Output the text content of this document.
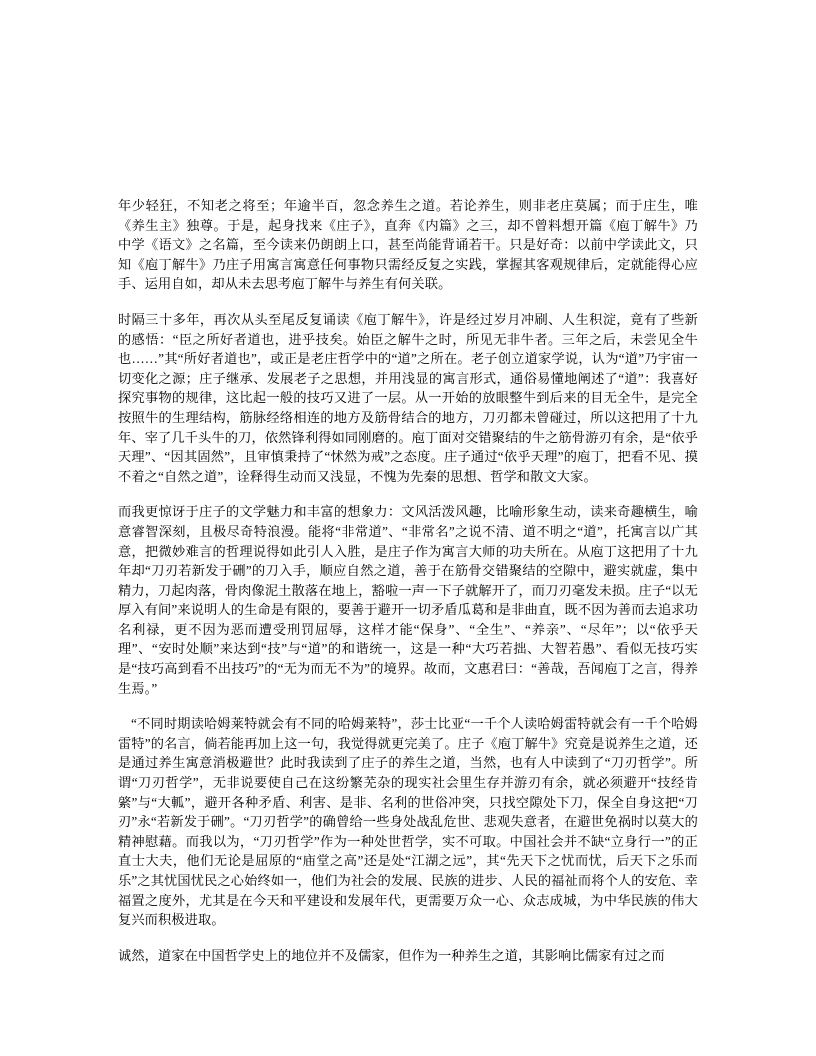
年少轻狂，不知老之将至；年逾半百，忽念养生之道。若论养生，则非老庄莫属；而于庄生，唯《养生主》独尊。于是，起身找来《庄子》，直奔《内篇》之三，却不曾料想开篇《庖丁解牛》乃中学《语文》之名篇，至今读来仍朗朗上口，甚至尚能背诵若干。只是好奇：以前中学读此文，只知《庖丁解牛》乃庄子用寓言寓意任何事物只需经反复之实践，掌握其客观规律后，定就能得心应手、运用自如，却从未去思考庖丁解牛与养生有何关联。

时隔三十多年，再次从头至尾反复诵读《庖丁解牛》，许是经过岁月冲刷、人生积淀，竟有了些新的感悟：“臣之所好者道也，进乎技矣。始臣之解牛之时，所见无非牛者。三年之后，未尝见全牛也……”其“所好者道也”，或正是老庄哲学中的“道”之所在。老子创立道家学说，认为“道”乃宇宙一切变化之源；庄子继承、发展老子之思想，并用浅显的寓言形式，通俗易懂地阐述了“道”：我喜好探究事物的规律，这比起一般的技巧又进了一层。从一开始的放眼整牛到后来的目无全牛，是完全按照牛的生理结构，筋脉经络相连的地方及筋骨结合的地方，刀刃都未曾碰过，所以这把用了十九年、宰了几千头牛的刀，依然锋利得如同刚磨的。庖丁面对交错聚结的牛之筋骨游刃有余，是“依乎天理”、“因其固然”，且审慎秉持了“怵然为戒”之态度。庄子通过“依乎天理”的庖丁，把看不见、摸不着之“自然之道”，诠释得生动而又浅显，不愧为先秦的思想、哲学和散文大家。

而我更惊讶于庄子的文学魅力和丰富的想象力：文风活泼风趣，比喻形象生动，读来奇趣横生，喻意睿智深刻，且极尽奇特浪漫。能将“非常道”、“非常名”之说不清、道不明之“道”，托寓言以广其意，把微妙难言的哲理说得如此引人入胜，是庄子作为寓言大师的功夫所在。从庖丁这把用了十九年却“刀刃若新发于硎”的刀入手，顺应自然之道，善于在筋骨交错聚结的空隙中，避实就虚，集中精力，刀起肉落，骨肉像泥土散落在地上，豁啦一声一下子就解开了，而刀刃毫发未损。庄子“以无厚入有间”来说明人的生命是有限的，要善于避开一切矛盾瓜葛和是非曲直，既不因为善而去追求功名利禄，更不因为恶而遭受刑罚屈辱，这样才能“保身”、“全生”、“养亲”、“尽年”；以“依乎天理”、“安时处顺”来达到“技”与“道”的和谐统一，这是一种“大巧若拙、大智若愚”、看似无技巧实是“技巧高到看不出技巧”的“无为而无不为”的境界。故而，文惠君曰：“善哉，吾闻庖丁之言，得养生焉。”

“不同时期读哈姆莱特就会有不同的哈姆莱特”，莎士比亚“一千个人读哈姆雷特就会有一千个哈姆雷特”的名言，倘若能再加上这一句，我觉得就更完美了。庄子《庖丁解牛》究竟是说养生之道，还是通过养生寓意消极避世？此时我读到了庄子的养生之道，当然，也有人中读到了“刀刃哲学”。所谓“刀刃哲学”，无非说要使自己在这纷繁芜杂的现实社会里生存并游刃有余，就必须避开“技经肯綮”与“大軱”，避开各种矛盾、利害、是非、名利的世俗冲突，只找空隙处下刀，保全自身这把“刀刃”永“若新发于硎”。“刀刃哲学”的确曾给一些身处战乱危世、悲观失意者，在避世免祸时以莫大的精神慰藉。而我以为，“刀刃哲学”作为一种处世哲学，实不可取。中国社会并不缺“立身行一”的正直士大夫，他们无论是屈原的“庙堂之高”还是处“江湖之远”，其“先天下之忧而忧，后天下之乐而乐”之其忧国忧民之心始终如一，他们为社会的发展、民族的进步、人民的福祉而将个人的安危、幸福置之度外，尤其是在今天和平建设和发展年代，更需要万众一心、众志成城，为中华民族的伟大复兴而积极进取。

诚然，道家在中国哲学史上的地位并不及儒家，但作为一种养生之道，其影响比儒家有过之而
